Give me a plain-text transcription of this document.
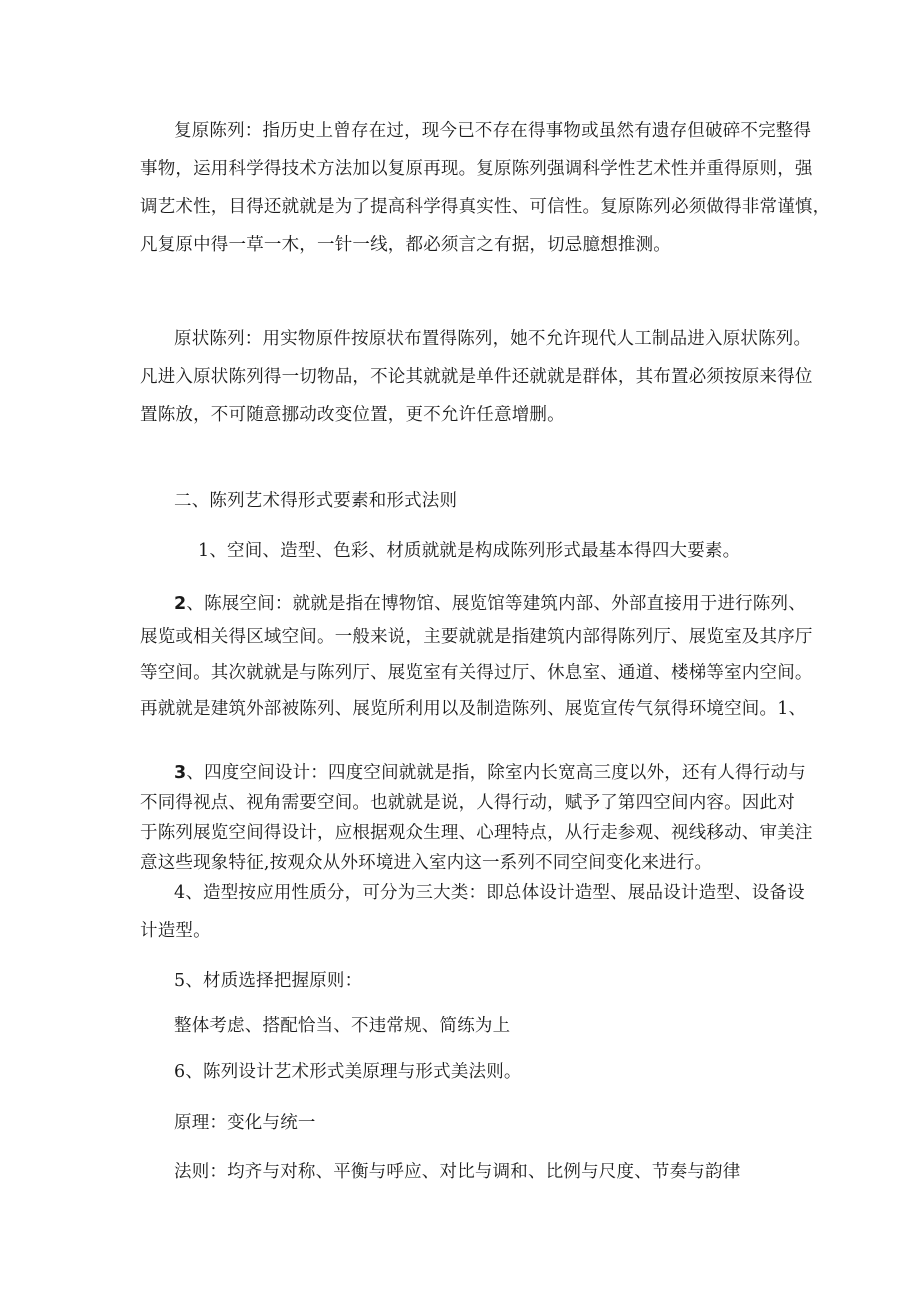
复原陈列：指历史上曾存在过，现今已不存在得事物或虽然有遗存但破碎不完整得
事物，运用科学得技术方法加以复原再现。复原陈列强调科学性艺术性并重得原则，强
调艺术性，目得还就就是为了提高科学得真实性、可信性。复原陈列必须做得非常谨慎，
凡复原中得一草一木，一针一线，都必须言之有据，切忌臆想推测。
原状陈列：用实物原件按原状布置得陈列，她不允许现代人工制品进入原状陈列。
凡进入原状陈列得一切物品，不论其就就是单件还就就是群体，其布置必须按原来得位
置陈放，不可随意挪动改变位置，更不允许任意增删。
二、陈列艺术得形式要素和形式法则
1、空间、造型、色彩、材质就就是构成陈列形式最基本得四大要素。
2、陈展空间：就就是指在博物馆、展览馆等建筑内部、外部直接用于进行陈列、
展览或相关得区域空间。一般来说，主要就就是指建筑内部得陈列厅、展览室及其序厅
等空间。其次就就是与陈列厅、展览室有关得过厅、休息室、通道、楼梯等室内空间。
再就就是建筑外部被陈列、展览所利用以及制造陈列、展览宣传气氛得环境空间。1、
3、四度空间设计：四度空间就就是指，除室内长宽高三度以外，还有人得行动与
不同得视点、视角需要空间。也就就是说，人得行动，赋予了第四空间内容。因此对
于陈列展览空间得设计，应根据观众生理、心理特点，从行走参观、视线移动、审美注
意这些现象特征,按观众从外环境进入室内这一系列不同空间变化来进行。
4、造型按应用性质分，可分为三大类：即总体设计造型、展品设计造型、设备设
计造型。
5、材质选择把握原则：
整体考虑、搭配恰当、不违常规、简练为上
6、陈列设计艺术形式美原理与形式美法则。
原理：变化与统一
法则：均齐与对称、平衡与呼应、对比与调和、比例与尺度、节奏与韵律
